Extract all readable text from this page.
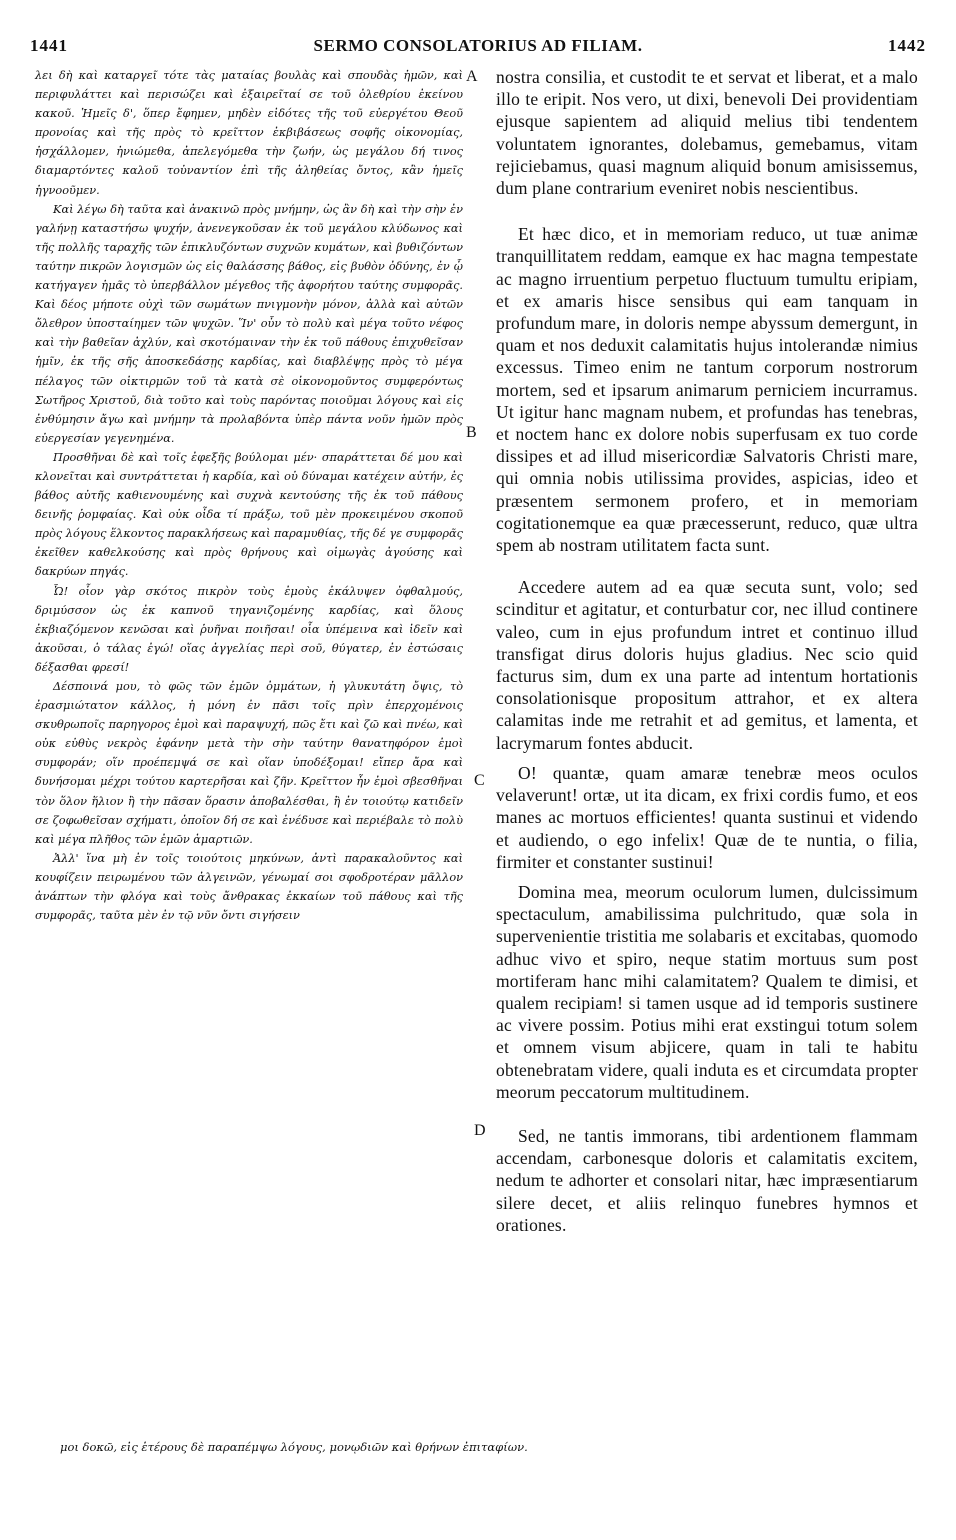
1441	SERMO CONSOLATORIUS AD FILIAM.	1442

λει δὴ καὶ καταργεῖ τότε τὰς ματαίας βουλὰς καὶ σπουδὰς ἡμῶν, καὶ περιφυλάττει καὶ περισώζει καὶ ἐξαιρεῖταί σε τοῦ ὀλεθρίου ἐκείνου κακοῦ. Ἡμεῖς δ', ὅπερ ἔφημεν, μηδὲν εἰδότες τῆς τοῦ εὐεργέτου Θεοῦ προνοίας καὶ τῆς πρὸς τὸ κρεῖττον ἐκβιβάσεως σοφῆς οἰκονομίας, ἠσχάλλομεν, ἠνιώμεθα, ἀπελεγόμεθα τὴν ζωήν, ὡς μεγάλου δή τινος διαμαρτόντες καλοῦ τοὐναντίον ἐπὶ τῆς ἀληθείας ὄντος, κἂν ἡμεῖς ἠγνοοῦμεν.

Καὶ λέγω δὴ ταῦτα καὶ ἀνακινῶ πρὸς μνήμην, ὡς ἂν δὴ καὶ τὴν σὴν ἐν γαλήνῃ καταστήσω ψυχήν, ἀνενεγκοῦσαν ἐκ τοῦ μεγάλου κλύδωνος καὶ τῆς πολλῆς ταραχῆς τῶν ἐπικλυζόντων συχνῶν κυμάτων, καὶ βυθιζόντων ταύτην πικρῶν λογισμῶν ὡς εἰς θαλάσσης βάθος, εἰς βυθὸν ὀδύνης, ἐν ᾧ κατήγαγεν ἡμᾶς τὸ ὑπερβάλλον μέγεθος τῆς ἀφορήτου ταύτης συμφορᾶς. Καὶ δέος μήποτε οὐχὶ τῶν σωμάτων πνιγμονὴν μόνον, ἀλλὰ καὶ αὐτῶν ὄλεθρον ὑποσταίημεν τῶν ψυχῶν. Ἵν' οὖν τὸ πολὺ καὶ μέγα τοῦτο νέφος καὶ τὴν βαθεῖαν ἀχλύν, καὶ σκοτόμαιναν τὴν ἐκ τοῦ πάθους ἐπιχυθεῖσαν ἡμῖν, ἐκ τῆς σῆς ἀποσκεδάσῃς καρδίας, καὶ διαβλέψῃς πρὸς τὸ μέγα πέλαγος τῶν οἰκτιρμῶν τοῦ τὰ κατὰ σὲ οἰκονομοῦντος συμφερόντως Σωτῆρος Χριστοῦ, διὰ τοῦτο καὶ τοὺς παρόντας ποιοῦμαι λόγους καὶ εἰς ἐνθύμησιν ἄγω καὶ μνήμην τὰ προλαβόντα ὑπὲρ πάντα νοῦν ἡμῶν πρὸς εὐεργεσίαν γεγενημένα.

Προσθῆναι δὲ καὶ τοῖς ἐφεξῆς βούλομαι μέν· σπαράττεται δέ μου καὶ κλονεῖται καὶ συντράττεται ἡ καρδία, καὶ οὐ δύναμαι κατέχειν αὐτήν, ἐς βάθος αὐτῆς καθιενουμένης καὶ συχνὰ κεντούσης τῆς ἐκ τοῦ πάθους δεινῆς ῥομφαίας. Καὶ οὐκ οἶδα τί πράξω, τοῦ μὲν προκειμένου σκοποῦ πρὸς λόγους ἕλκοντος παρακλήσεως καὶ παραμυθίας, τῆς δέ γε συμφορᾶς ἐκεῖθεν καθελκούσης καὶ πρὸς θρήνους καὶ οἰμωγὰς ἀγούσης καὶ δακρύων πηγάς.

Ὦ! οἷον γὰρ σκότος πικρὸν τοὺς ἐμοὺς ἐκάλυψεν ὀφθαλμούς, δριμύσσον ὡς ἐκ καπνοῦ τηγανιζομένης καρδίας, καὶ ὅλους ἐκβιαζόμενον κενῶσαι καὶ ῥυῆναι ποιῆσαι! οἷα ὑπέμεινα καὶ ἰδεῖν καὶ ἀκοῦσαι, ὁ τάλας ἐγώ! οἵας ἀγγελίας περὶ σοῦ, θύγατερ, ἐν ἐστώσαις δέξασθαι φρεσί!

Δέσποινά μου, τὸ φῶς τῶν ἐμῶν ὀμμάτων, ἡ γλυκυτάτη ὄψις, τὸ ἐρασμιώτατον κάλλος, ἡ μόνη ἐν πᾶσι τοῖς πρὶν ἐπερχομένοις σκυθρωποῖς παρηγορος ἐμοὶ καὶ παραψυχή, πῶς ἔτι καὶ ζῶ καὶ πνέω, καὶ οὐκ εὐθὺς νεκρὸς ἐφάνην μετὰ τὴν σὴν ταύτην θανατηφόρον ἐμοὶ συμφοράν; οἵν προέπεμψά σε καὶ οἵαν ὑποδέξομαι! εἴπερ ἄρα καὶ δυνήσομαι μέχρι τούτου καρτερῆσαι καὶ ζῆν. Κρεῖττον ἦν ἐμοὶ σβεσθῆναι τὸν ὅλον ἥλιον ἢ τὴν πᾶσαν ὅρασιν ἀποβαλέσθαι, ἢ ἐν τοιούτῳ κατιδεῖν σε ζοφωθεῖσαν σχήματι, ὁποῖον δή σε καὶ ἐνέδυσε καὶ περιέβαλε τὸ πολὺ καὶ μέγα πλῆθος τῶν ἐμῶν ἁμαρτιῶν.

Ἀλλ' ἵνα μὴ ἐν τοῖς τοιούτοις μηκύνων, ἀντὶ παρακαλοῦντος καὶ κουφίζειν πειρωμένου τῶν ἀλγεινῶν, γένωμαί σοι σφοδροτέραν μᾶλλον ἀνάπτων τὴν φλόγα καὶ τοὺς ἄνθρακας ἐκκαίων τοῦ πάθους καὶ τῆς συμφορᾶς, ταῦτα μὲν ἐν τῷ νῦν ὄντι σιγήσειν

A
B
C
D

nostra consilia, et custodit te et servat et liberat, et a malo illo te eripit. Nos vero, ut dixi, benevoli Dei providentiam ejusque sapientem ad aliquid melius tibi tendentem voluntatem ignorantes, dolebamus, gemebamus, vitam rejiciebamus, quasi magnum aliquid bonum amisissemus, dum plane contrarium eveniret nobis nescientibus.

Et hæc dico, et in memoriam reduco, ut tuæ animæ tranquillitatem reddam, eamque ex hac magna tempestate ac magno irruentium perpetuo fluctuum tumultu eripiam, et ex amaris hisce sensibus qui eam tanquam in profundum mare, in doloris nempe abyssum demergunt, in quam et nos deduxit calamitatis hujus intolerandæ nimius excessus. Timeo enim ne tantum corporum nostrorum mortem, sed et ipsarum animarum perniciem incurramus. Ut igitur hanc magnam nubem, et profundas has tenebras, et noctem hanc ex dolore nobis superfusam ex tuo corde dissipes et ad illud misericordiæ Salvatoris Christi mare, qui omnia nobis utilissima provides, aspicias, ideo et præsentem sermonem profero, et in memoriam cogitationemque ea quæ præcesserunt, reduco, quæ ultra spem ab nostram utilitatem facta sunt.

Accedere autem ad ea quæ secuta sunt, volo; sed scinditur et agitatur, et conturbatur cor, nec illud continere valeo, cum in ejus profundum intret et continuo illud transfigat dirus doloris hujus gladius. Nec scio quid facturus sim, dum ex una parte ad intentum hortationis consolationisque propositum attrahor, et ex altera calamitas inde me retrahit et ad gemitus, et lamenta, et lacrymarum fontes abducit.

O! quantæ, quam amaræ tenebræ meos oculos velaverunt! ortæ, ut ita dicam, ex frixi cordis fumo, et eos manes ac mortuos efficientes! quanta sustinui et videndo et audiendo, o ego infelix! Quæ de te nuntia, o filia, firmiter et constanter sustinui!

Domina mea, meorum oculorum lumen, dulcissimum spectaculum, amabilissima pulchritudo, quæ sola in supervenientie tristitia me solabaris et excitabas, quomodo adhuc vivo et spiro, neque statim mortuus sum post mortiferam hanc mihi calamitatem? Qualem te dimisi, et qualem recipiam! si tamen usque ad id temporis sustinere ac vivere possim. Potius mihi erat exstingui totum solem et omnem visum abjicere, quam in tali te habitu obtenebratam videre, quali induta es et circumdata propter meorum peccatorum multitudinem.

Sed, ne tantis immorans, tibi ardentionem flammam accendam, carbonesque doloris et calamitatis excitem, nedum te adhorter et consolari nitar, hæc impræsentiarum silere decet, et aliis relinquo funebres hymnos et orationes.

μοι δοκῶ, εἰς ἑτέρους δὲ παραπέμψω λόγους, μονῳδιῶν καὶ θρήνων ἐπιταφίων.
